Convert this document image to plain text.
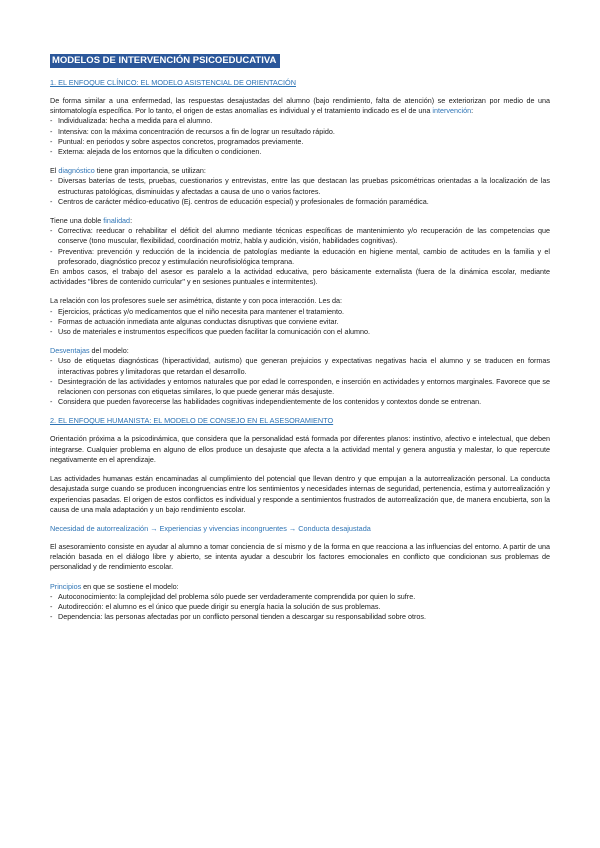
MODELOS DE INTERVENCIÓN PSICOEDUCATIVA
1. EL ENFOQUE CLÍNICO: EL MODELO ASISTENCIAL DE ORIENTACIÓN

De forma similar a una enfermedad, las respuestas desajustadas del alumno (bajo rendimiento, falta de atención) se exteriorizan por medio de una sintomatología específica. Por lo tanto, el origen de estas anomalías es individual y el tratamiento indicado es el de una intervención:

- Individualizada: hecha a medida para el alumno.
- Intensiva: con la máxima concentración de recursos a fin de lograr un resultado rápido.
- Puntual: en periodos y sobre aspectos concretos, programados previamente.
- Externa: alejada de los entornos que la dificulten o condicionen.

El diagnóstico tiene gran importancia, se utilizan:

- Diversas baterías de tests, pruebas, cuestionarios y entrevistas, entre las que destacan las pruebas psicométricas orientadas a la localización de las estructuras patológicas, disminuidas y afectadas a causa de uno o varios factores.
- Centros de carácter médico-educativo (Ej. centros de educación especial) y profesionales de formación paramédica.

Tiene una doble finalidad:

- Correctiva: reeducar o rehabilitar el déficit del alumno mediante técnicas específicas de mantenimiento y/o recuperación de las competencias que conserve (tono muscular, flexibilidad, coordinación motriz, habla y audición, visión, habilidades cognitivas).
- Preventiva: prevención y reducción de la incidencia de patologías mediante la educación en higiene mental, cambio de actitudes en la familia y el profesorado, diagnóstico precoz y estimulación neurofisiológica temprana.

En ambos casos, el trabajo del asesor es paralelo a la actividad educativa, pero básicamente externalista (fuera de la dinámica escolar, mediante actividades "libres de contenido curricular" y en sesiones puntuales e intermitentes).

La relación con los profesores suele ser asimétrica, distante y con poca interacción. Les da:

- Ejercicios, prácticas y/o medicamentos que el niño necesita para mantener el tratamiento.
- Formas de actuación inmediata ante algunas conductas disruptivas que conviene evitar.
- Uso de materiales e instrumentos específicos que pueden facilitar la comunicación con el alumno.

Desventajas del modelo:

- Uso de etiquetas diagnósticas (hiperactividad, autismo) que generan prejuicios y expectativas negativas hacia el alumno y se traducen en formas interactivas pobres y limitadoras que retardan el desarrollo.
- Desintegración de las actividades y entornos naturales que por edad le corresponden, e inserción en actividades y entornos marginales. Favorece que se relacionen con personas con etiquetas similares, lo que puede generar más desajuste.
- Considera que pueden favorecerse las habilidades cognitivas independientemente de los contenidos y contextos donde se entrenan.
2. EL ENFOQUE HUMANISTA: EL MODELO DE CONSEJO EN EL ASESORAMIENTO

Orientación próxima a la psicodinámica, que considera que la personalidad está formada por diferentes planos: instintivo, afectivo e intelectual, que deben integrarse. Cualquier problema en alguno de ellos produce un desajuste que afecta a la actividad mental y genera angustia y malestar, lo que repercute negativamente en el aprendizaje.

Las actividades humanas están encaminadas al cumplimiento del potencial que llevan dentro y que empujan a la autorrealización personal. La conducta desajustada surge cuando se producen incongruencias entre los sentimientos y necesidades internas de seguridad, pertenencia, estima y autorrealización y experiencias pasadas. El origen de estos conflictos es individual y responde a sentimientos frustrados de autorrealización que, de manera encubierta, son la causa de una mala adaptación y un bajo rendimiento escolar.

Necesidad de autorrealización → Experiencias y vivencias incongruentes → Conducta desajustada

El asesoramiento consiste en ayudar al alumno a tomar conciencia de sí mismo y de la forma en que reacciona a las influencias del entorno. A partir de una relación basada en el diálogo libre y abierto, se intenta ayudar a descubrir los factores emocionales en conflicto que condicionan sus problemas de personalidad y de rendimiento escolar.

Principios en que se sostiene el modelo:

- Autoconocimiento: la complejidad del problema sólo puede ser verdaderamente comprendida por quien lo sufre.
- Autodirección: el alumno es el único que puede dirigir su energía hacia la solución de sus problemas.
- Dependencia: las personas afectadas por un conflicto personal tienden a descargar su responsabilidad sobre otros.
